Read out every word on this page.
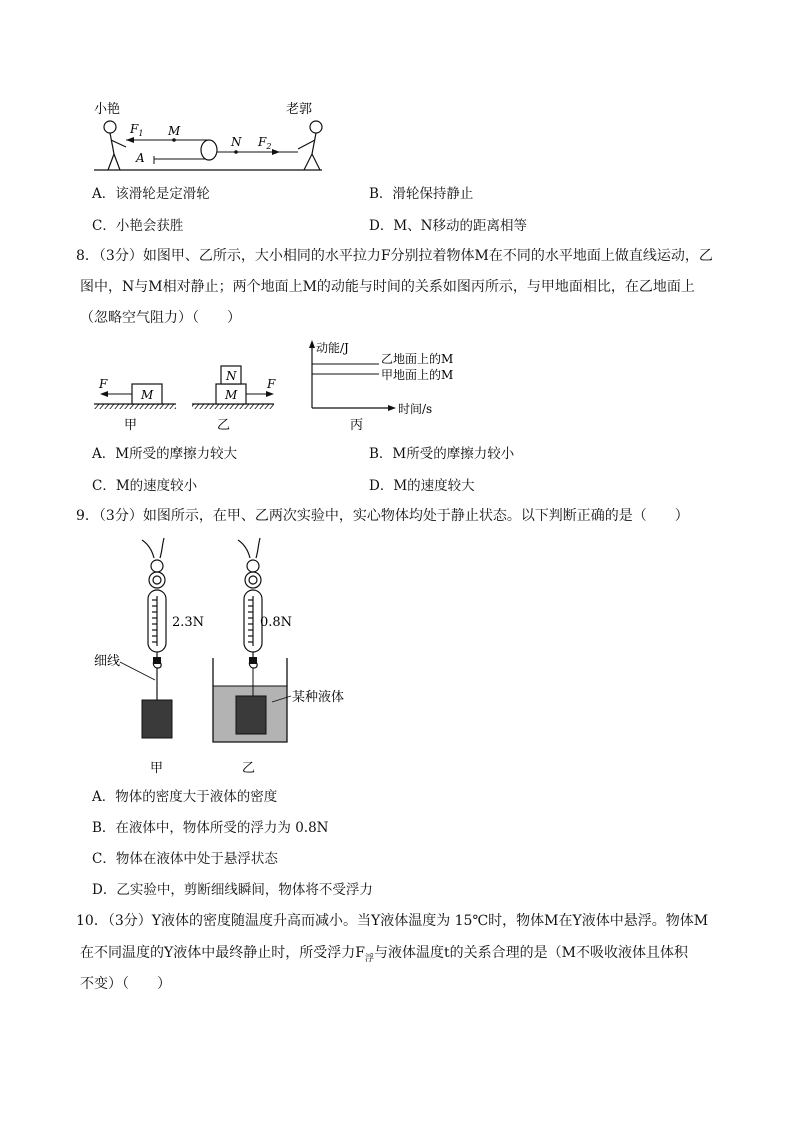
小艳	老郭
$F_1$ M
N $F_2$
A
A．该滑轮是定滑轮	B．滑轮保持静止
C．小艳会获胜	D．M、N移动的距离相等
8．（3分）如图甲、乙所示，大小相同的水平拉力F分别拉着物体M在不同的水平地面上做直线运动，乙
图中，N与M相对静止；两个地面上M的动能与时间的关系如图丙所示，与甲地面相比，在乙地面上
（忽略空气阻力）（　　）
M
F
甲
M
N
F
乙
动能/J
时间/s
乙地面上的M
甲地面上的M
丙
A．M所受的摩擦力较大	B．M所受的摩擦力较小
C．M的速度较小	D．M的速度较大
9．（3分）如图所示，在甲、乙两次实验中，实心物体均处于静止状态。以下判断正确的是（　　）
2.3N
细线
甲
0.8N
某种液体
乙
A．物体的密度大于液体的密度
B．在液体中，物体所受的浮力为 0.8N
C．物体在液体中处于悬浮状态
D．乙实验中，剪断细线瞬间，物体将不受浮力
10．（3分）Y液体的密度随温度升高而减小。当Y液体温度为 15℃时，物体M在Y液体中悬浮。物体M
在不同温度的Y液体中最终静止时，所受浮力$F_浮$与液体温度t的关系合理的是（M不吸收液体且体积
不变）（　　）
